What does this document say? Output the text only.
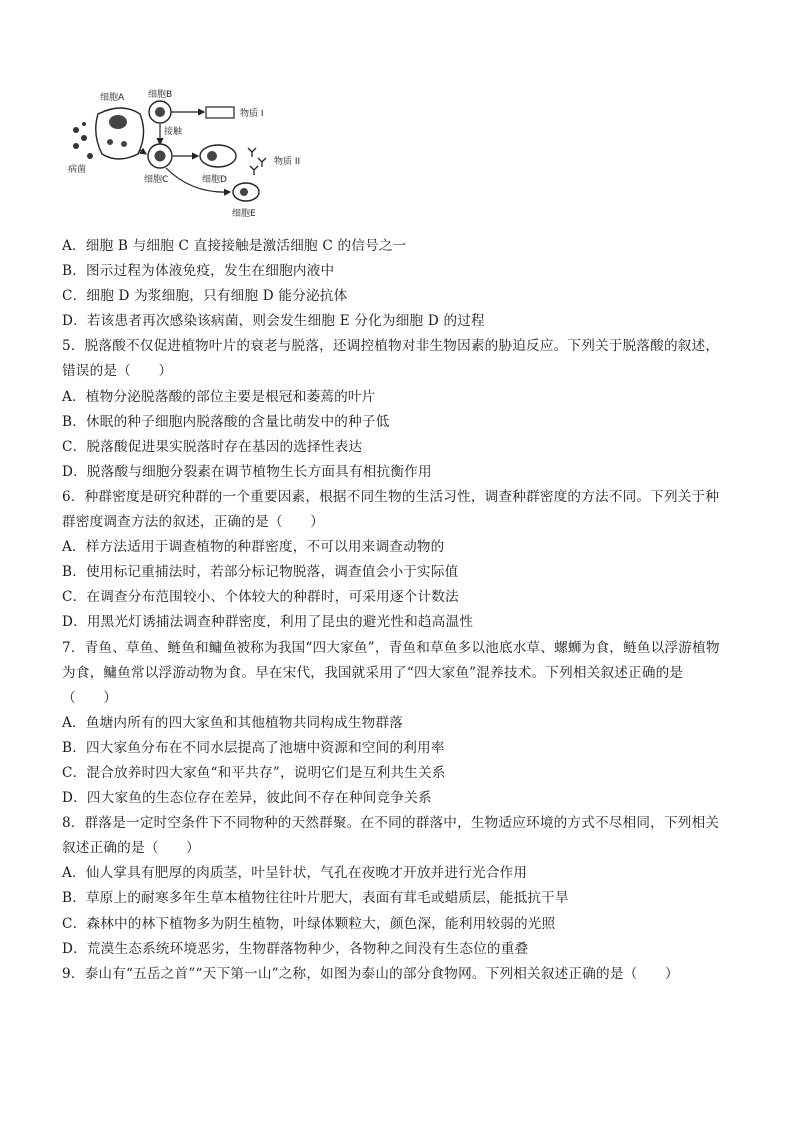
病菌
细胞A	细胞B
物质 I
接触
细胞C	细胞D
物质 II
细胞E
A．细胞 B 与细胞 C 直接接触是激活细胞 C 的信号之一
B．图示过程为体液免疫，发生在细胞内液中
C．细胞 D 为浆细胞，只有细胞 D 能分泌抗体
D．若该患者再次感染该病菌，则会发生细胞 E 分化为细胞 D 的过程
5．脱落酸不仅促进植物叶片的衰老与脱落，还调控植物对非生物因素的胁迫反应。下列关于脱落酸的叙述，
错误的是（　　）
A．植物分泌脱落酸的部位主要是根冠和萎蔫的叶片
B．休眠的种子细胞内脱落酸的含量比萌发中的种子低
C．脱落酸促进果实脱落时存在基因的选择性表达
D．脱落酸与细胞分裂素在调节植物生长方面具有相抗衡作用
6．种群密度是研究种群的一个重要因素，根据不同生物的生活习性，调查种群密度的方法不同。下列关于种
群密度调查方法的叙述，正确的是（　　）
A．样方法适用于调查植物的种群密度，不可以用来调查动物的
B．使用标记重捕法时，若部分标记物脱落，调查值会小于实际值
C．在调查分布范围较小、个体较大的种群时，可采用逐个计数法
D．用黑光灯诱捕法调查种群密度，利用了昆虫的避光性和趋高温性
7．青鱼、草鱼、鲢鱼和鳙鱼被称为我国“四大家鱼”，青鱼和草鱼多以池底水草、螺蛳为食，鲢鱼以浮游植物
为食，鳙鱼常以浮游动物为食。早在宋代，我国就采用了“四大家鱼”混养技术。下列相关叙述正确的是
（　　）
A．鱼塘内所有的四大家鱼和其他植物共同构成生物群落
B．四大家鱼分布在不同水层提高了池塘中资源和空间的利用率
C．混合放养时四大家鱼“和平共存”，说明它们是互利共生关系
D．四大家鱼的生态位存在差异，彼此间不存在种间竞争关系
8．群落是一定时空条件下不同物种的天然群聚。在不同的群落中，生物适应环境的方式不尽相同，下列相关
叙述正确的是（　　）
A．仙人掌具有肥厚的肉质茎，叶呈针状，气孔在夜晚才开放并进行光合作用
B．草原上的耐寒多年生草本植物往往叶片肥大，表面有茸毛或蜡质层，能抵抗干旱
C．森林中的林下植物多为阴生植物，叶绿体颗粒大，颜色深，能利用较弱的光照
D．荒漠生态系统环境恶劣，生物群落物种少，各物种之间没有生态位的重叠
9．泰山有“五岳之首”“天下第一山”之称，如图为泰山的部分食物网。下列相关叙述正确的是（　　）
